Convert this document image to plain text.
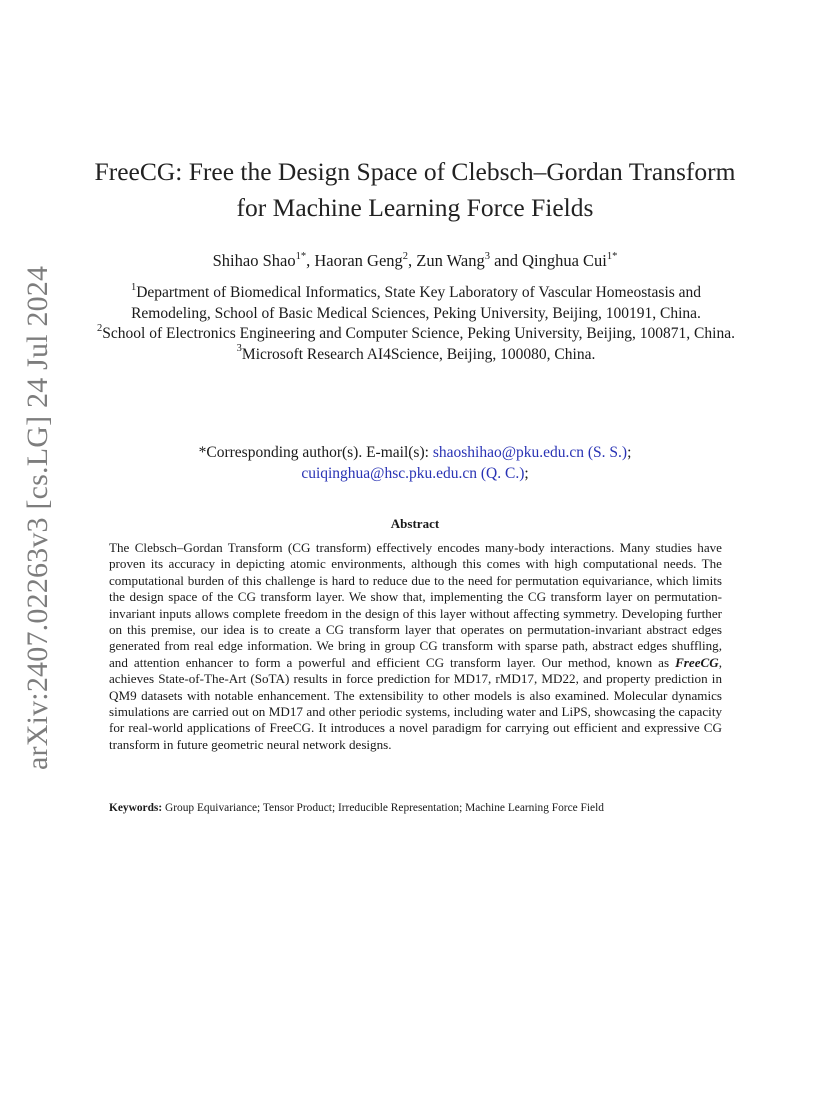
arXiv:2407.02263v3 [cs.LG] 24 Jul 2024
FreeCG: Free the Design Space of Clebsch–Gordan Transform
for Machine Learning Force Fields
Shihao Shao$^{1*}$, Haoran Geng$^2$, Zun Wang$^3$ and Qinghua Cui$^{1*}$

$^1$Department of Biomedical Informatics, State Key Laboratory of Vascular Homeostasis and Remodeling, School of Basic Medical Sciences, Peking University, Beijing, 100191, China.

$^2$School of Electronics Engineering and Computer Science, Peking University, Beijing, 100871, China.

$^3$Microsoft Research AI4Science, Beijing, 100080, China.

*Corresponding author(s). E-mail(s): shaoshihao@pku.edu.cn (S. S.);
cuiqinghua@hsc.pku.edu.cn (Q. C.);
Abstract
The Clebsch–Gordan Transform (CG transform) effectively encodes many-body interactions. Many studies have proven its accuracy in depicting atomic environments, although this comes with high computational needs. The computational burden of this challenge is hard to reduce due to the need for permutation equivariance, which limits the design space of the CG transform layer. We show that, implementing the CG transform layer on permutation-invariant inputs allows complete freedom in the design of this layer without affecting symmetry. Developing further on this premise, our idea is to create a CG transform layer that operates on permutation-invariant abstract edges generated from real edge information. We bring in group CG transform with sparse path, abstract edges shuffling, and attention enhancer to form a powerful and efficient CG transform layer. Our method, known as FreeCG, achieves State-of-The-Art (SoTA) results in force prediction for MD17, rMD17, MD22, and property prediction in QM9 datasets with notable enhancement. The extensibility to other models is also examined. Molecular dynamics simulations are carried out on MD17 and other periodic systems, including water and LiPS, showcasing the capacity for real-world applications of FreeCG. It introduces a novel paradigm for carrying out efficient and expressive CG transform in future geometric neural network designs.
Keywords: Group Equivariance; Tensor Product; Irreducible Representation; Machine Learning Force Field
